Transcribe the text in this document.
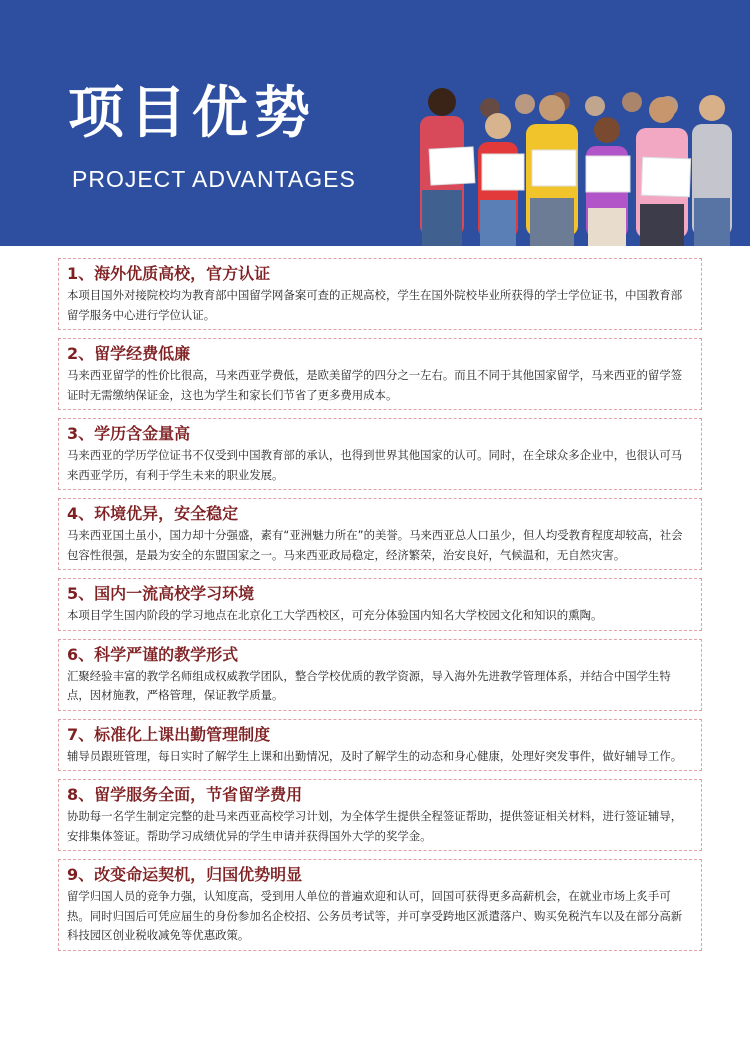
项目优势
PROJECT ADVANTAGES
1、海外优质高校，官方认证
本项目国外对接院校均为教育部中国留学网备案可查的正规高校，学生在国外院校毕业所获得的学士学位证书，中国教育部留学服务中心进行学位认证。
2、留学经费低廉
马来西亚留学的性价比很高，马来西亚学费低，是欧美留学的四分之一左右。而且不同于其他国家留学，马来西亚的留学签证时无需缴纳保证金，这也为学生和家长们节省了更多费用成本。
3、学历含金量高
马来西亚的学历学位证书不仅受到中国教育部的承认，也得到世界其他国家的认可。同时，在全球众多企业中，也很认可马来西亚学历，有利于学生未来的职业发展。
4、环境优异，安全稳定
马来西亚国土虽小，国力却十分强盛，素有“亚洲魅力所在”的美誉。马来西亚总人口虽少，但人均受教育程度却较高，社会包容性很强，是最为安全的东盟国家之一。马来西亚政局稳定，经济繁荣，治安良好，气候温和，无自然灾害。
5、国内一流高校学习环境
本项目学生国内阶段的学习地点在北京化工大学西校区，可充分体验国内知名大学校园文化和知识的熏陶。
6、科学严谨的教学形式
汇聚经验丰富的教学名师组成权威教学团队，整合学校优质的教学资源，导入海外先进教学管理体系，并结合中国学生特点，因材施教，严格管理，保证教学质量。
7、标准化上课出勤管理制度
辅导员跟班管理，每日实时了解学生上课和出勤情况，及时了解学生的动态和身心健康，处理好突发事件，做好辅导工作。
8、留学服务全面，节省留学费用
协助每一名学生制定完整的赴马来西亚高校学习计划，为全体学生提供全程签证帮助，提供签证相关材料，进行签证辅导，安排集体签证。帮助学习成绩优异的学生申请并获得国外大学的奖学金。
9、改变命运契机，归国优势明显
留学归国人员的竞争力强，认知度高，受到用人单位的普遍欢迎和认可，回国可获得更多高薪机会，在就业市场上炙手可热。同时归国后可凭应届生的身份参加名企校招、公务员考试等，并可享受跨地区派遣落户、购买免税汽车以及在部分高新科技园区创业税收减免等优惠政策。
